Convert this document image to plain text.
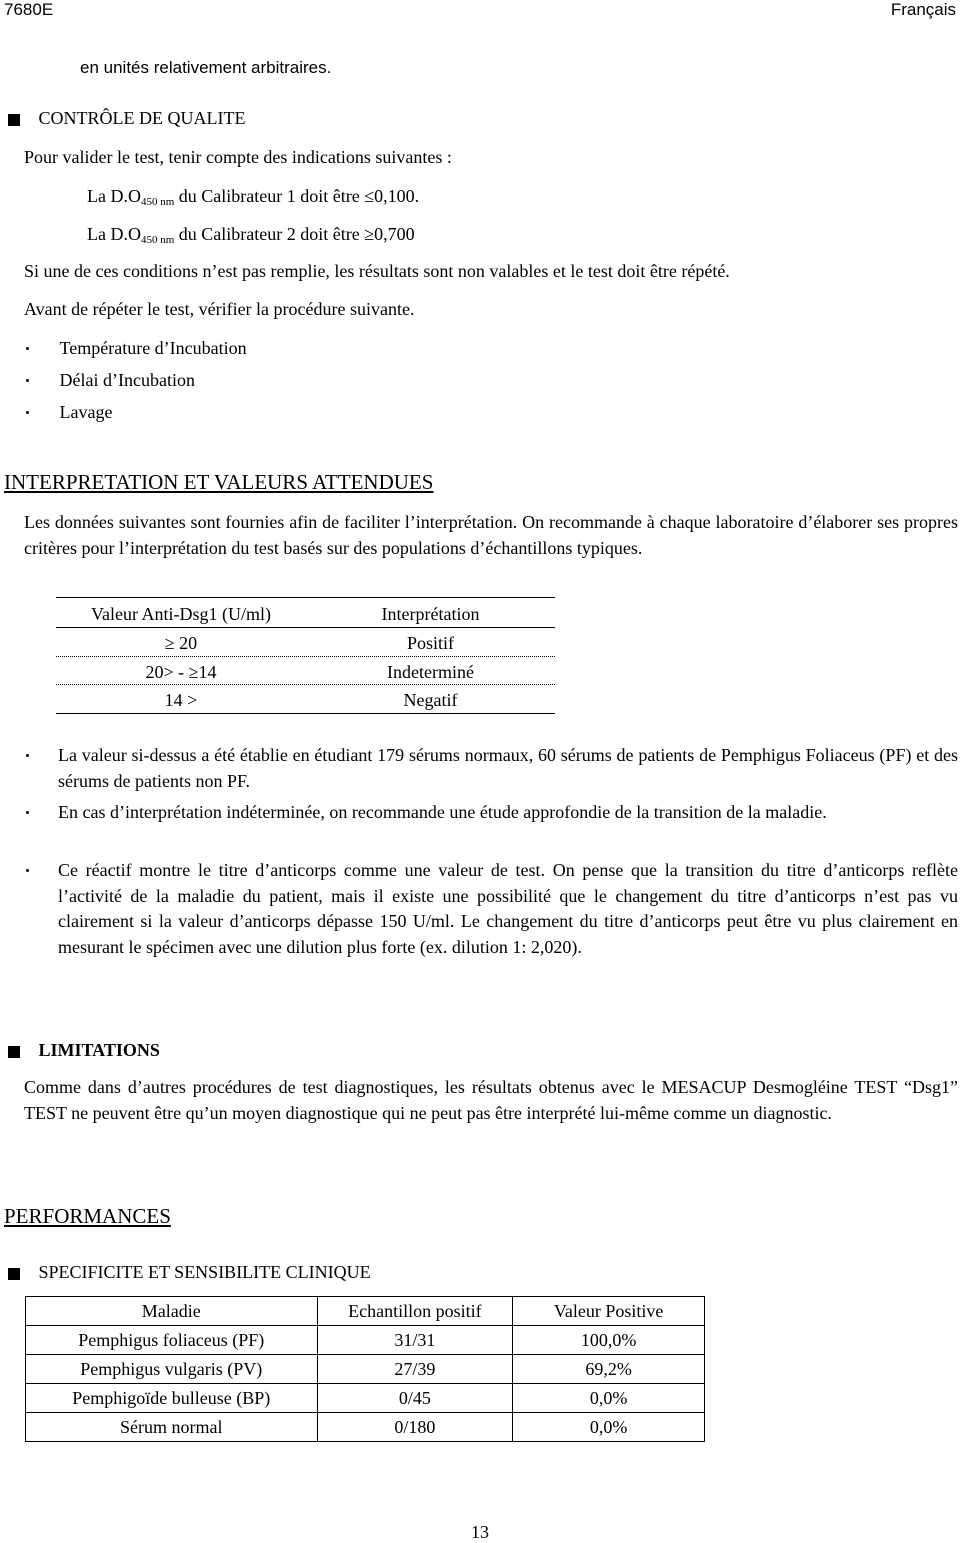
7680E	Français
en unités relativement arbitraires.
CONTRÔLE DE QUALITE
Pour valider le test, tenir compte des indications suivantes :
La $D.O_{450 nm}$ du Calibrateur 1 doit être ≤0,100.
La $D.O_{450 nm}$ du Calibrateur 2 doit être ≥0,700
Si une de ces conditions n’est pas remplie, les résultats sont non valables et le test doit être répété.
Avant de répéter le test, vérifier la procédure suivante.
Température d’Incubation
Délai d’Incubation
Lavage
INTERPRETATION ET VALEURS ATTENDUES
Les données suivantes sont fournies afin de faciliter l’interprétation. On recommande à chaque laboratoire d’élaborer ses propres critères pour l’interprétation du test basés sur des populations d’échantillons typiques.
Valeur Anti-Dsg1 (U/ml)	Interprétation
≥ 20	Positif
20> - ≥14	Indeterminé
14 >	Negatif
La valeur si-dessus a été établie en étudiant 179 sérums normaux, 60 sérums de patients de Pemphigus Foliaceus (PF) et des sérums de patients non PF.
En cas d’interprétation indéterminée, on recommande une étude approfondie de la transition de la maladie.
Ce réactif montre le titre d’anticorps comme une valeur de test. On pense que la transition du titre d’anticorps reflète l’activité de la maladie du patient, mais il existe une possibilité que le changement du titre d’anticorps n’est pas vu clairement si la valeur d’anticorps dépasse 150 U/ml. Le changement du titre d’anticorps peut être vu plus clairement en mesurant le spécimen avec une dilution plus forte (ex. dilution 1: 2,020).
LIMITATIONS
Comme dans d’autres procédures de test diagnostiques, les résultats obtenus avec le MESACUP Desmogléine TEST “Dsg1” TEST ne peuvent être qu’un moyen diagnostique qui ne peut pas être interprété lui-même comme un diagnostic.
PERFORMANCES
SPECIFICITE ET SENSIBILITE CLINIQUE
Maladie	Echantillon positif	Valeur Positive
Pemphigus foliaceus (PF)	31/31	100,0%
Pemphigus vulgaris (PV)	27/39	69,2%
Pemphigoïde bulleuse (BP)	0/45	0,0%
Sérum normal	0/180	0,0%
13
